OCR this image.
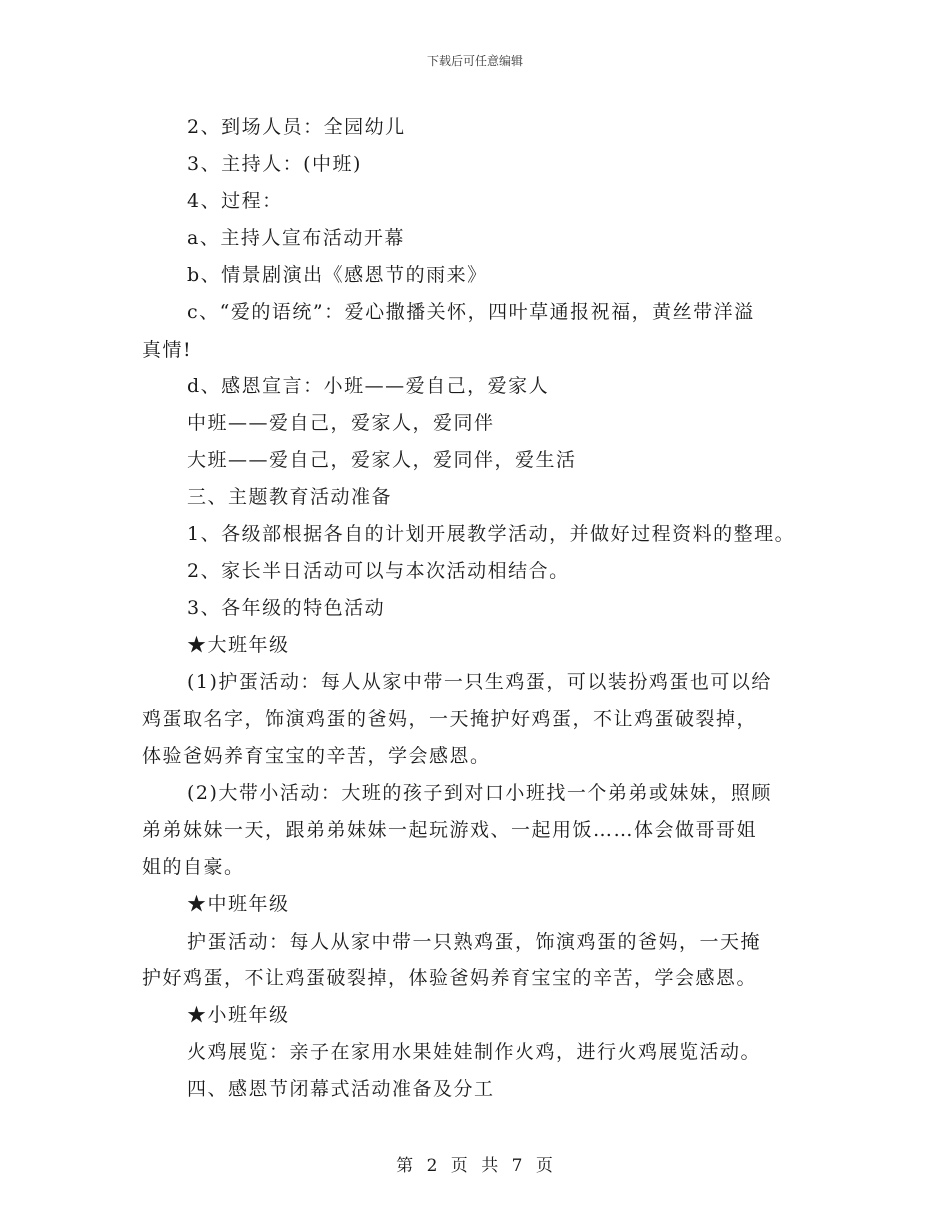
下载后可任意编辑
2、到场人员：全园幼儿
3、主持人：(中班)
4、过程：
a、主持人宣布活动开幕
b、情景剧演出《感恩节的雨来》
c、“爱的语统”：爱心撒播关怀，四叶草通报祝福，黄丝带洋溢
真情!
d、感恩宣言：小班——爱自己，爱家人
中班——爱自己，爱家人，爱同伴
大班——爱自己，爱家人，爱同伴，爱生活
三、主题教育活动准备
1、各级部根据各自的计划开展教学活动，并做好过程资料的整理。
2、家长半日活动可以与本次活动相结合。
3、各年级的特色活动
★大班年级
(1)护蛋活动：每人从家中带一只生鸡蛋，可以装扮鸡蛋也可以给
鸡蛋取名字，饰演鸡蛋的爸妈，一天掩护好鸡蛋，不让鸡蛋破裂掉，
体验爸妈养育宝宝的辛苦，学会感恩。
(2)大带小活动：大班的孩子到对口小班找一个弟弟或妹妹，照顾
弟弟妹妹一天，跟弟弟妹妹一起玩游戏、一起用饭……体会做哥哥姐
姐的自豪。
★中班年级
护蛋活动：每人从家中带一只熟鸡蛋，饰演鸡蛋的爸妈，一天掩
护好鸡蛋，不让鸡蛋破裂掉，体验爸妈养育宝宝的辛苦，学会感恩。
★小班年级
火鸡展览：亲子在家用水果娃娃制作火鸡，进行火鸡展览活动。
四、感恩节闭幕式活动准备及分工
第 2 页 共 7 页
